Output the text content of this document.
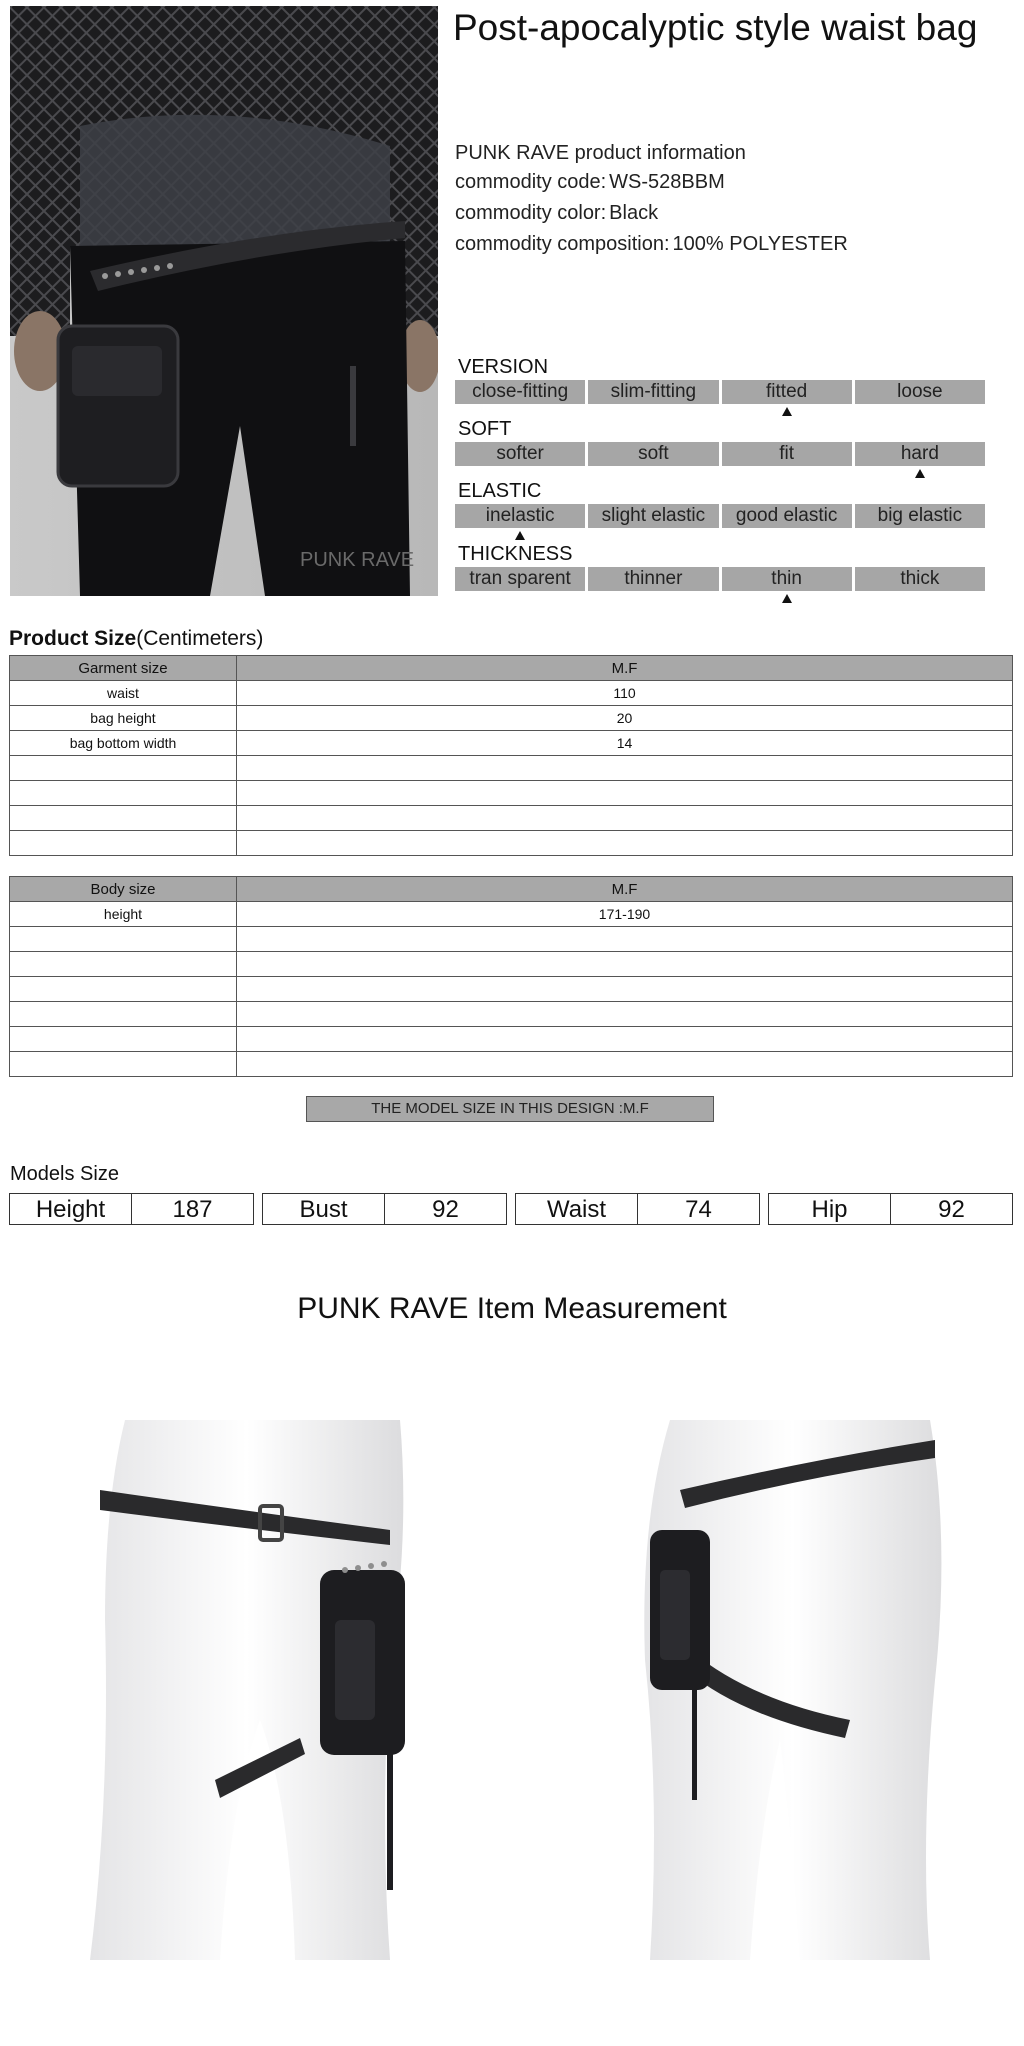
PUNK RAVE
Post-apocalyptic style waist bag
PUNK RAVE product information
commodity code: WS-528BBM
commodity color: Black
commodity composition: 100% POLYESTER
VERSION
close-fitting	slim-fitting	fitted	loose
SOFT
softer	soft	fit	hard
ELASTIC
inelastic	slight elastic	good elastic	big elastic
THICKNESS
tran sparent	thinner	thin	thick
Product Size(Centimeters)
Garment size	M.F
waist	110
bag height	20
bag bottom width	14

Body size	M.F
height	171-190

THE MODEL SIZE IN THIS DESIGN :M.F
Models Size
Height	187	Bust	92	Waist	74	Hip	92
PUNK RAVE Item Measurement
